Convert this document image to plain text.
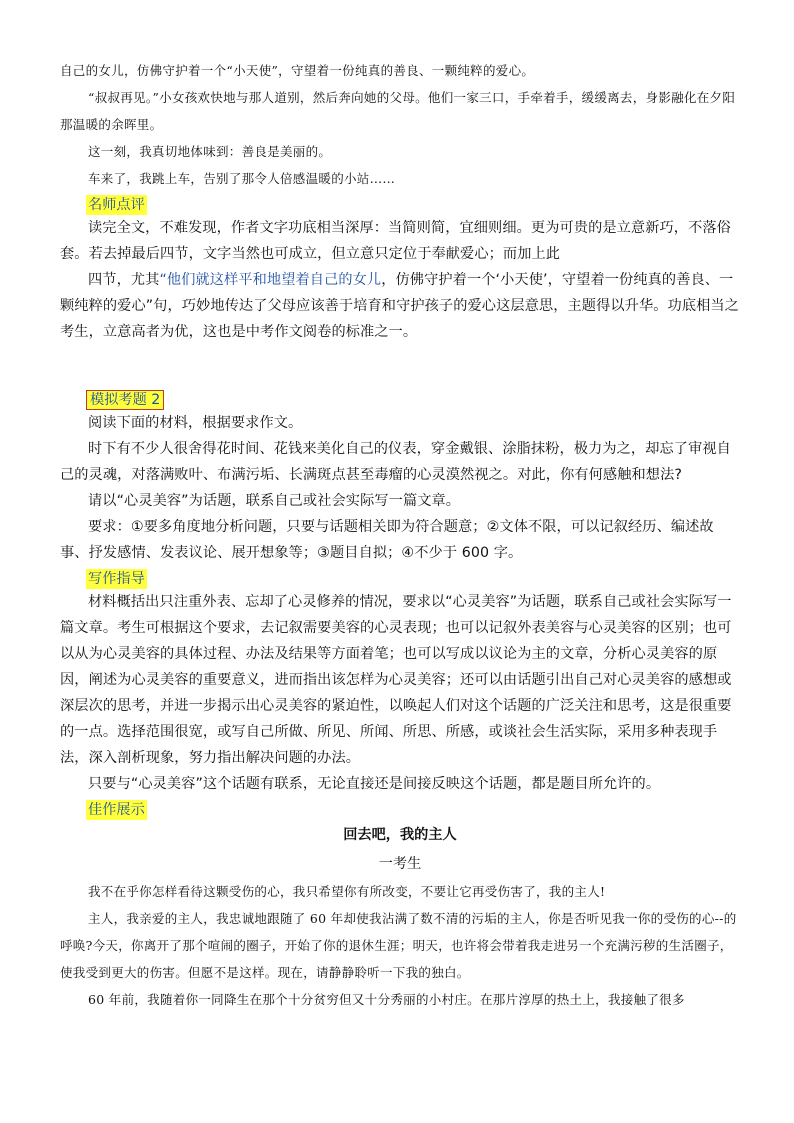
自己的女儿，仿佛守护着一个“小天使”，守望着一份纯真的善良、一颗纯粹的爱心。

“叔叔再见。”小女孩欢快地与那人道别，然后奔向她的父母。他们一家三口，手牵着手，缓缓离去，身影融化在夕阳那温暖的余晖里。

这一刻，我真切地体味到：善良是美丽的。

车来了，我跳上车，告别了那令人倍感温暖的小站……

名师点评

读完全文，不难发现，作者文字功底相当深厚：当简则简，宜细则细。更为可贵的是立意新巧，不落俗套。若去掉最后四节，文字当然也可成立，但立意只定位于奉献爱心；而加上此

四节，尤其“他们就这样平和地望着自己的女儿，仿佛守护着一个‘小天使’，守望着一份纯真的善良、一颗纯粹的爱心”句，巧妙地传达了父母应该善于培育和守护孩子的爱心这层意思，主题得以升华。功底相当之考生，立意高者为优，这也是中考作文阅卷的标准之一。

模拟考题 2

阅读下面的材料，根据要求作文。

时下有不少人很舍得花时间、花钱来美化自己的仪表，穿金戴银、涂脂抹粉，极力为之，却忘了审视自己的灵魂，对落满败叶、布满污垢、长满斑点甚至毒瘤的心灵漠然视之。对此，你有何感触和想法?

请以“心灵美容”为话题，联系自己或社会实际写一篇文章。

要求：①要多角度地分析问题，只要与话题相关即为符合题意；②文体不限，可以记叙经历、编述故事、抒发感情、发表议论、展开想象等；③题目自拟；④不少于 600 字。

写作指导

材料概括出只注重外表、忘却了心灵修养的情况，要求以“心灵美容”为话题，联系自己或社会实际写一篇文章。考生可根据这个要求，去记叙需要美容的心灵表现；也可以记叙外表美容与心灵美容的区别；也可以从为心灵美容的具体过程、办法及结果等方面着笔；也可以写成以议论为主的文章，分析心灵美容的原因，阐述为心灵美容的重要意义，进而指出该怎样为心灵美容；还可以由话题引出自己对心灵美容的感想或深层次的思考，并进一步揭示出心灵美容的紧迫性，以唤起人们对这个话题的广泛关注和思考，这是很重要的一点。选择范围很宽，或写自己所做、所见、所闻、所思、所感，或谈社会生活实际，采用多种表现手法，深入剖析现象，努力指出解决问题的办法。

只要与“心灵美容”这个话题有联系，无论直接还是间接反映这个话题，都是题目所允许的。

佳作展示

回去吧，我的主人

一考生

我不在乎你怎样看待这颗受伤的心，我只希望你有所改变，不要让它再受伤害了，我的主人!

主人，我亲爱的主人，我忠诚地跟随了 60 年却使我沾满了数不清的污垢的主人，你是否听见我一你的受伤的心--的呼唤?今天，你离开了那个喧闹的圈子，开始了你的退休生涯；明天，也许将会带着我走进另一个充满污秽的生活圈子，使我受到更大的伤害。但愿不是这样。现在，请静静聆听一下我的独白。

60 年前，我随着你一同降生在那个十分贫穷但又十分秀丽的小村庄。在那片淳厚的热土上，我接触了很多
